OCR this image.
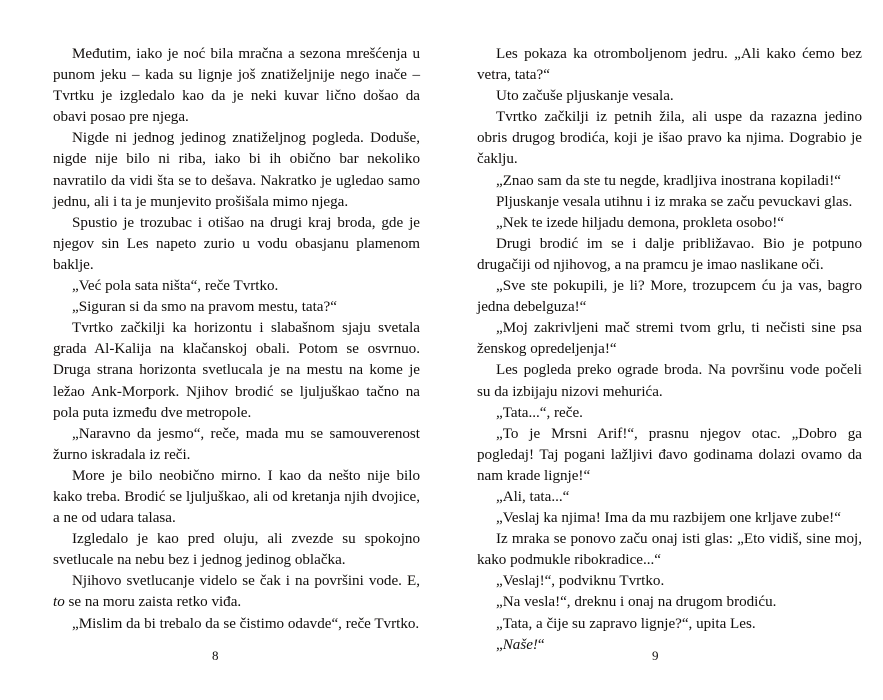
Međutim, iako je noć bila mračna a sezona mrešćenja u punom jeku – kada su lignje još znatiželjnije nego inače – Tvrtku je izgledalo kao da je neki kuvar lično došao da obavi posao pre njega.

Nigde ni jednog jedinog znatiželjnog pogleda. Doduše, nigde nije bilo ni riba, iako bi ih obično bar nekoliko navratilo da vidi šta se to dešava. Nakratko je ugledao samo jednu, ali i ta je munjevito prošišala mimo njega.

Spustio je trozubac i otišao na drugi kraj broda, gde je njegov sin Les napeto zurio u vodu obasjanu plamenom baklje.

„Već pola sata ništa“, reče Tvrtko.

„Siguran si da smo na pravom mestu, tata?“

Tvrtko začkilji ka horizontu i slabašnom sjaju svetala grada Al-Kalija na klačanskoj obali. Potom se osvrnuo. Druga strana horizonta svetlucala je na mestu na kome je ležao Ank-Morpork. Njihov brodić se ljuljuškao tačno na pola puta između dve metropole.

„Naravno da jesmo“, reče, mada mu se samouverenost žurno iskradala iz reči.

More je bilo neobično mirno. I kao da nešto nije bilo kako treba. Brodić se ljuljuškao, ali od kretanja njih dvojice, a ne od udara talasa.

Izgledalo je kao pred oluju, ali zvezde su spokojno svetlucale na nebu bez i jednog jedinog oblačka.

Njihovo svetlucanje videlo se čak i na površini vode. E, to se na moru zaista retko viđa.

„Mislim da bi trebalo da se čistimo odavde“, reče Tvrtko.

Les pokaza ka otromboljenom jedru. „Ali kako ćemo bez vetra, tata?“

Uto začuše pljuskanje vesala.

Tvrtko začkilji iz petnih žila, ali uspe da razazna jedino obris drugog brodića, koji je išao pravo ka njima. Dograbio je čaklju.

„Znao sam da ste tu negde, kradljiva inostrana kopiladi!“

Pljuskanje vesala utihnu i iz mraka se začu pevuckavi glas.

„Nek te izede hiljadu demona, prokleta osobo!“

Drugi brodić im se i dalje približavao. Bio je potpuno drugačiji od njihovog, a na pramcu je imao naslikane oči.

„Sve ste pokupili, je li? More, trozupcem ću ja vas, bagro jedna debelguza!“

„Moj zakrivljeni mač stremi tvom grlu, ti nečisti sine psa ženskog opredeljenja!“

Les pogleda preko ograde broda. Na površinu vode počeli su da izbijaju nizovi mehurića.

„Tata...“, reče.

„To je Mrsni Arif!“, prasnu njegov otac. „Dobro ga pogledaj! Taj pogani lažljivi đavo godinama dolazi ovamo da nam krade lignje!“

„Ali, tata...“

„Veslaj ka njima! Ima da mu razbijem one krljave zube!“

Iz mraka se ponovo začu onaj isti glas: „Eto vidiš, sine moj, kako podmukle ribokradice...“

„Veslaj!“, podviknu Tvrtko.

„Na vesla!“, dreknu i onaj na drugom brodiću.

„Tata, a čije su zapravo lignje?“, upita Les.

„Naše!“

8	9
